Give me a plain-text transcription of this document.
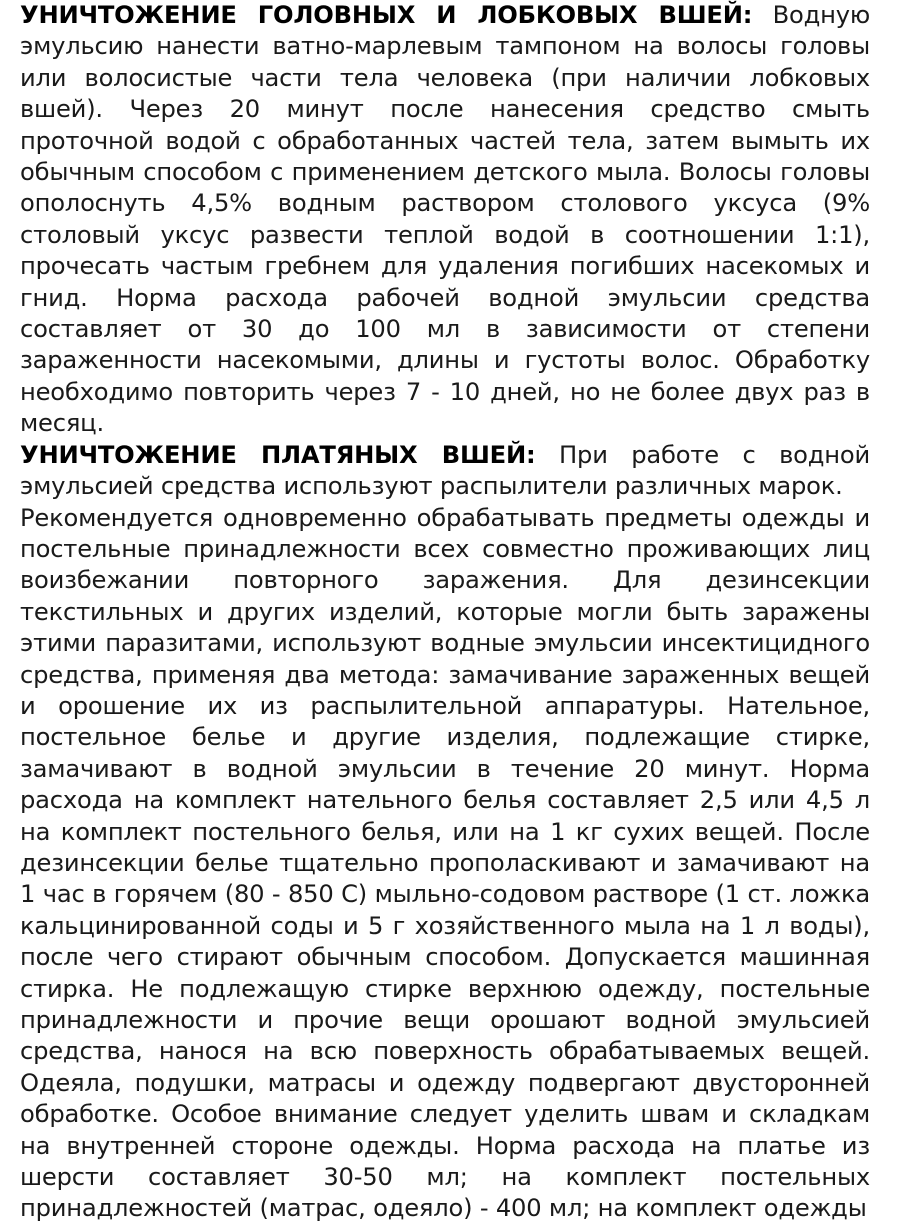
УНИЧТОЖЕНИЕ ГОЛОВНЫХ И ЛОБКОВЫХ ВШЕЙ: Водную эмульсию нанести ватно-марлевым тампоном на волосы головы или волосистые части тела человека (при наличии лобковых вшей). Через 20 минут после нанесения средство смыть проточной водой с обработанных частей тела, затем вымыть их обычным способом с применением детского мыла. Волосы головы ополоснуть 4,5% водным раствором столового уксуса (9% столовый уксус развести теплой водой в соотношении 1:1), прочесать частым гребнем для удаления погибших насекомых и гнид. Норма расхода рабочей водной эмульсии средства составляет от 30 до 100 мл в зависимости от степени зараженности насекомыми, длины и густоты волос. Обработку необходимо повторить через 7 - 10 дней, но не более двух раз в месяц.

УНИЧТОЖЕНИЕ ПЛАТЯНЫХ ВШЕЙ: При работе с водной эмульсией средства используют распылители различных марок.

Рекомендуется одновременно обрабатывать предметы одежды и постельные принадлежности всех совместно проживающих лиц воизбежании повторного заражения. Для дезинсекции текстильных и других изделий, которые могли быть заражены этими паразитами, используют водные эмульсии инсектицидного средства, применяя два метода: замачивание зараженных вещей и орошение их из распылительной аппаратуры. Нательное, постельное белье и другие изделия, подлежащие стирке, замачивают в водной эмульсии в течение 20 минут. Норма расхода на комплект нательного белья составляет 2,5 или 4,5 л на комплект постельного белья, или на 1 кг сухих вещей. После дезинсекции белье тщательно прополаскивают и замачивают на 1 час в горячем (80 - 850 С) мыльно-содовом растворе (1 ст. ложка кальцинированной соды и 5 г хозяйственного мыла на 1 л воды), после чего стирают обычным способом. Допускается машинная стирка. Не подлежащую стирке верхнюю одежду, постельные принадлежности и прочие вещи орошают водной эмульсией средства, нанося на всю поверхность обрабатываемых вещей. Одеяла, подушки, матрасы и одежду подвергают двусторонней обработке. Особое внимание следует уделить швам и складкам на внутренней стороне одежды. Норма расхода на платье из шерсти составляет 30-50 мл; на комплект постельных принадлежностей (матрас, одеяло) - 400 мл; на комплект одежды
